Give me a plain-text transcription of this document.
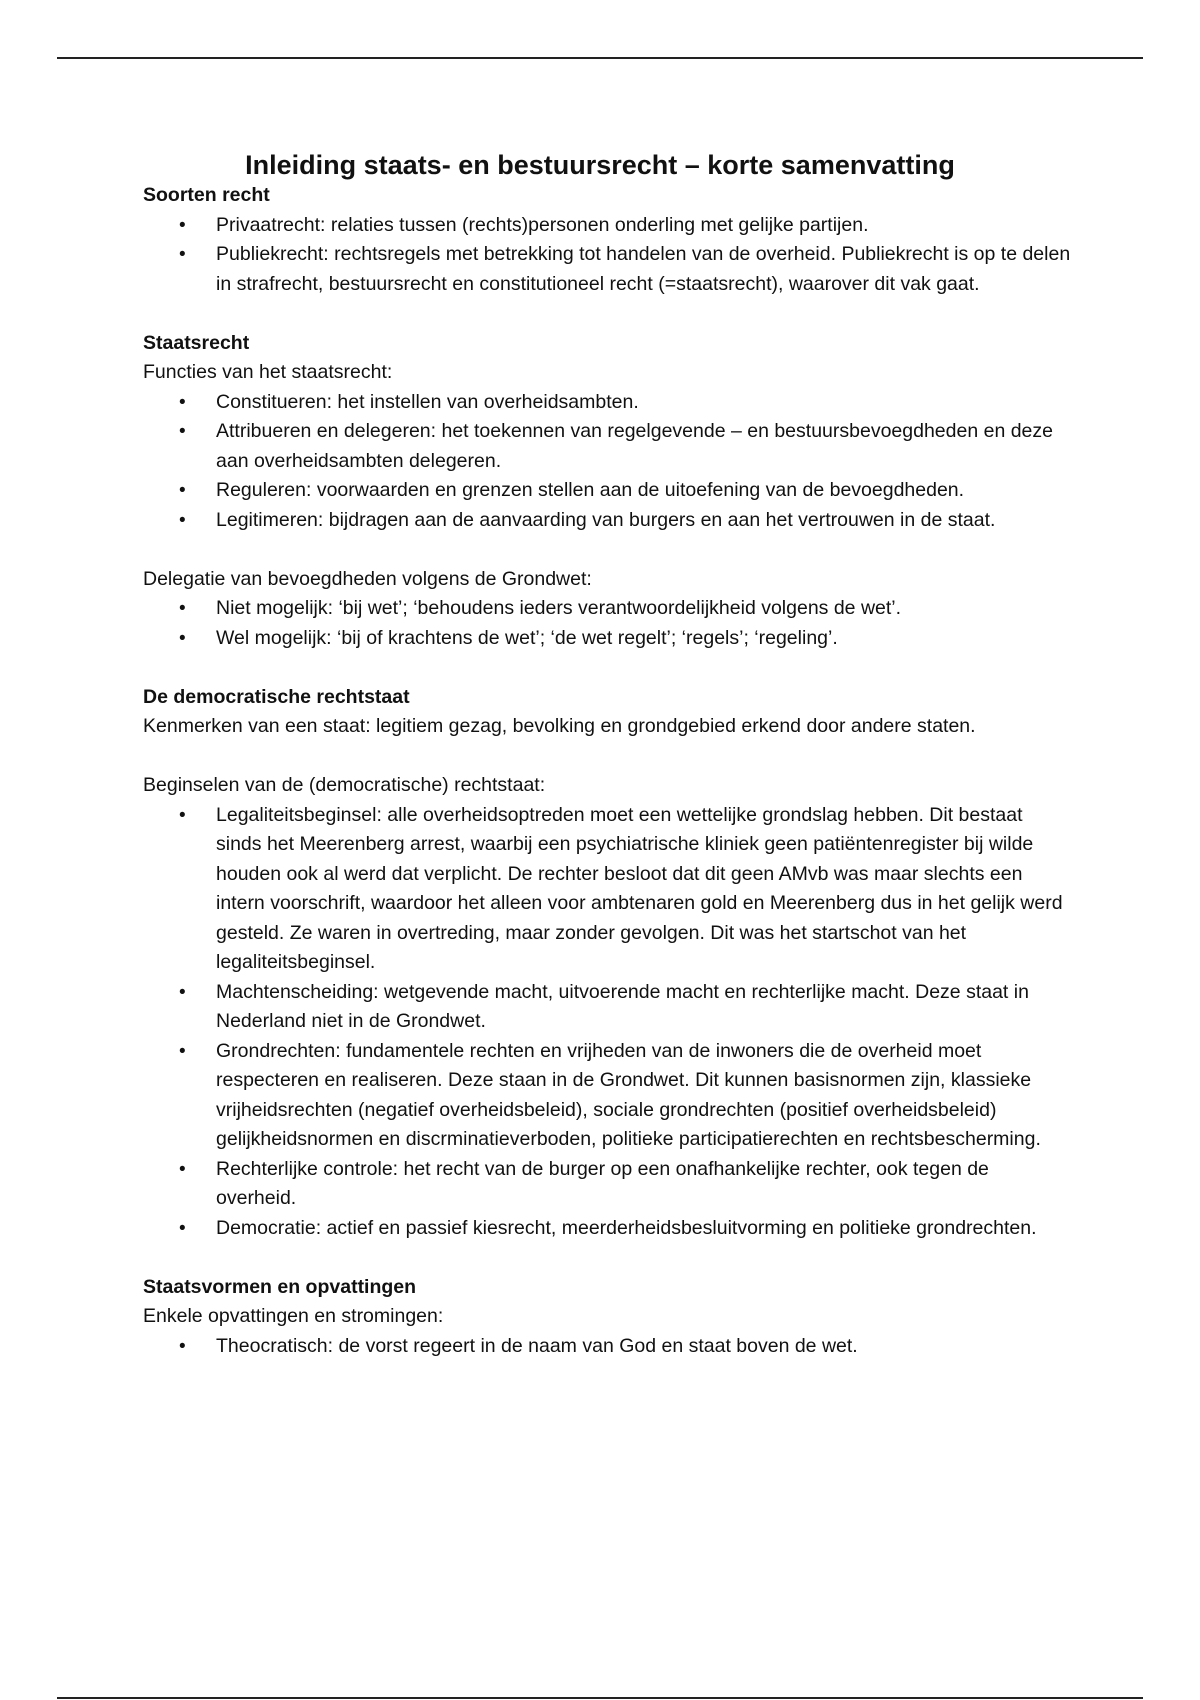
Inleiding staats- en bestuursrecht – korte samenvatting

Soorten recht

• Privaatrecht: relaties tussen (rechts)personen onderling met gelijke partijen.
• Publiekrecht: rechtsregels met betrekking tot handelen van de overheid. Publiekrecht is op te delen in strafrecht, bestuursrecht en constitutioneel recht (=staatsrecht), waarover dit vak gaat.

Staatsrecht

Functies van het staatsrecht:

• Constitueren: het instellen van overheidsambten.
• Attribueren en delegeren: het toekennen van regelgevende – en bestuursbevoegdheden en deze aan overheidsambten delegeren.
• Reguleren: voorwaarden en grenzen stellen aan de uitoefening van de bevoegdheden.
• Legitimeren: bijdragen aan de aanvaarding van burgers en aan het vertrouwen in de staat.

Delegatie van bevoegdheden volgens de Grondwet:

• Niet mogelijk: ‘bij wet’; ‘behoudens ieders verantwoordelijkheid volgens de wet’.
• Wel mogelijk: ‘bij of krachtens de wet’; ‘de wet regelt’; ‘regels’; ‘regeling’.

De democratische rechtstaat

Kenmerken van een staat: legitiem gezag, bevolking en grondgebied erkend door andere staten.

Beginselen van de (democratische) rechtstaat:

• Legaliteitsbeginsel: alle overheidsoptreden moet een wettelijke grondslag hebben. Dit bestaat sinds het Meerenberg arrest, waarbij een psychiatrische kliniek geen patiëntenregister bij wilde houden ook al werd dat verplicht. De rechter besloot dat dit geen AMvb was maar slechts een intern voorschrift, waardoor het alleen voor ambtenaren gold en Meerenberg dus in het gelijk werd gesteld. Ze waren in overtreding, maar zonder gevolgen. Dit was het startschot van het legaliteitsbeginsel.
• Machtenscheiding: wetgevende macht, uitvoerende macht en rechterlijke macht. Deze staat in Nederland niet in de Grondwet.
• Grondrechten: fundamentele rechten en vrijheden van de inwoners die de overheid moet respecteren en realiseren. Deze staan in de Grondwet. Dit kunnen basisnormen zijn, klassieke vrijheidsrechten (negatief overheidsbeleid), sociale grondrechten (positief overheidsbeleid) gelijkheidsnormen en discrminatieverboden, politieke participatierechten en rechtsbescherming.
• Rechterlijke controle: het recht van de burger op een onafhankelijke rechter, ook tegen de overheid.
• Democratie: actief en passief kiesrecht, meerderheidsbesluitvorming en politieke grondrechten.

Staatsvormen en opvattingen

Enkele opvattingen en stromingen:

• Theocratisch: de vorst regeert in de naam van God en staat boven de wet.
